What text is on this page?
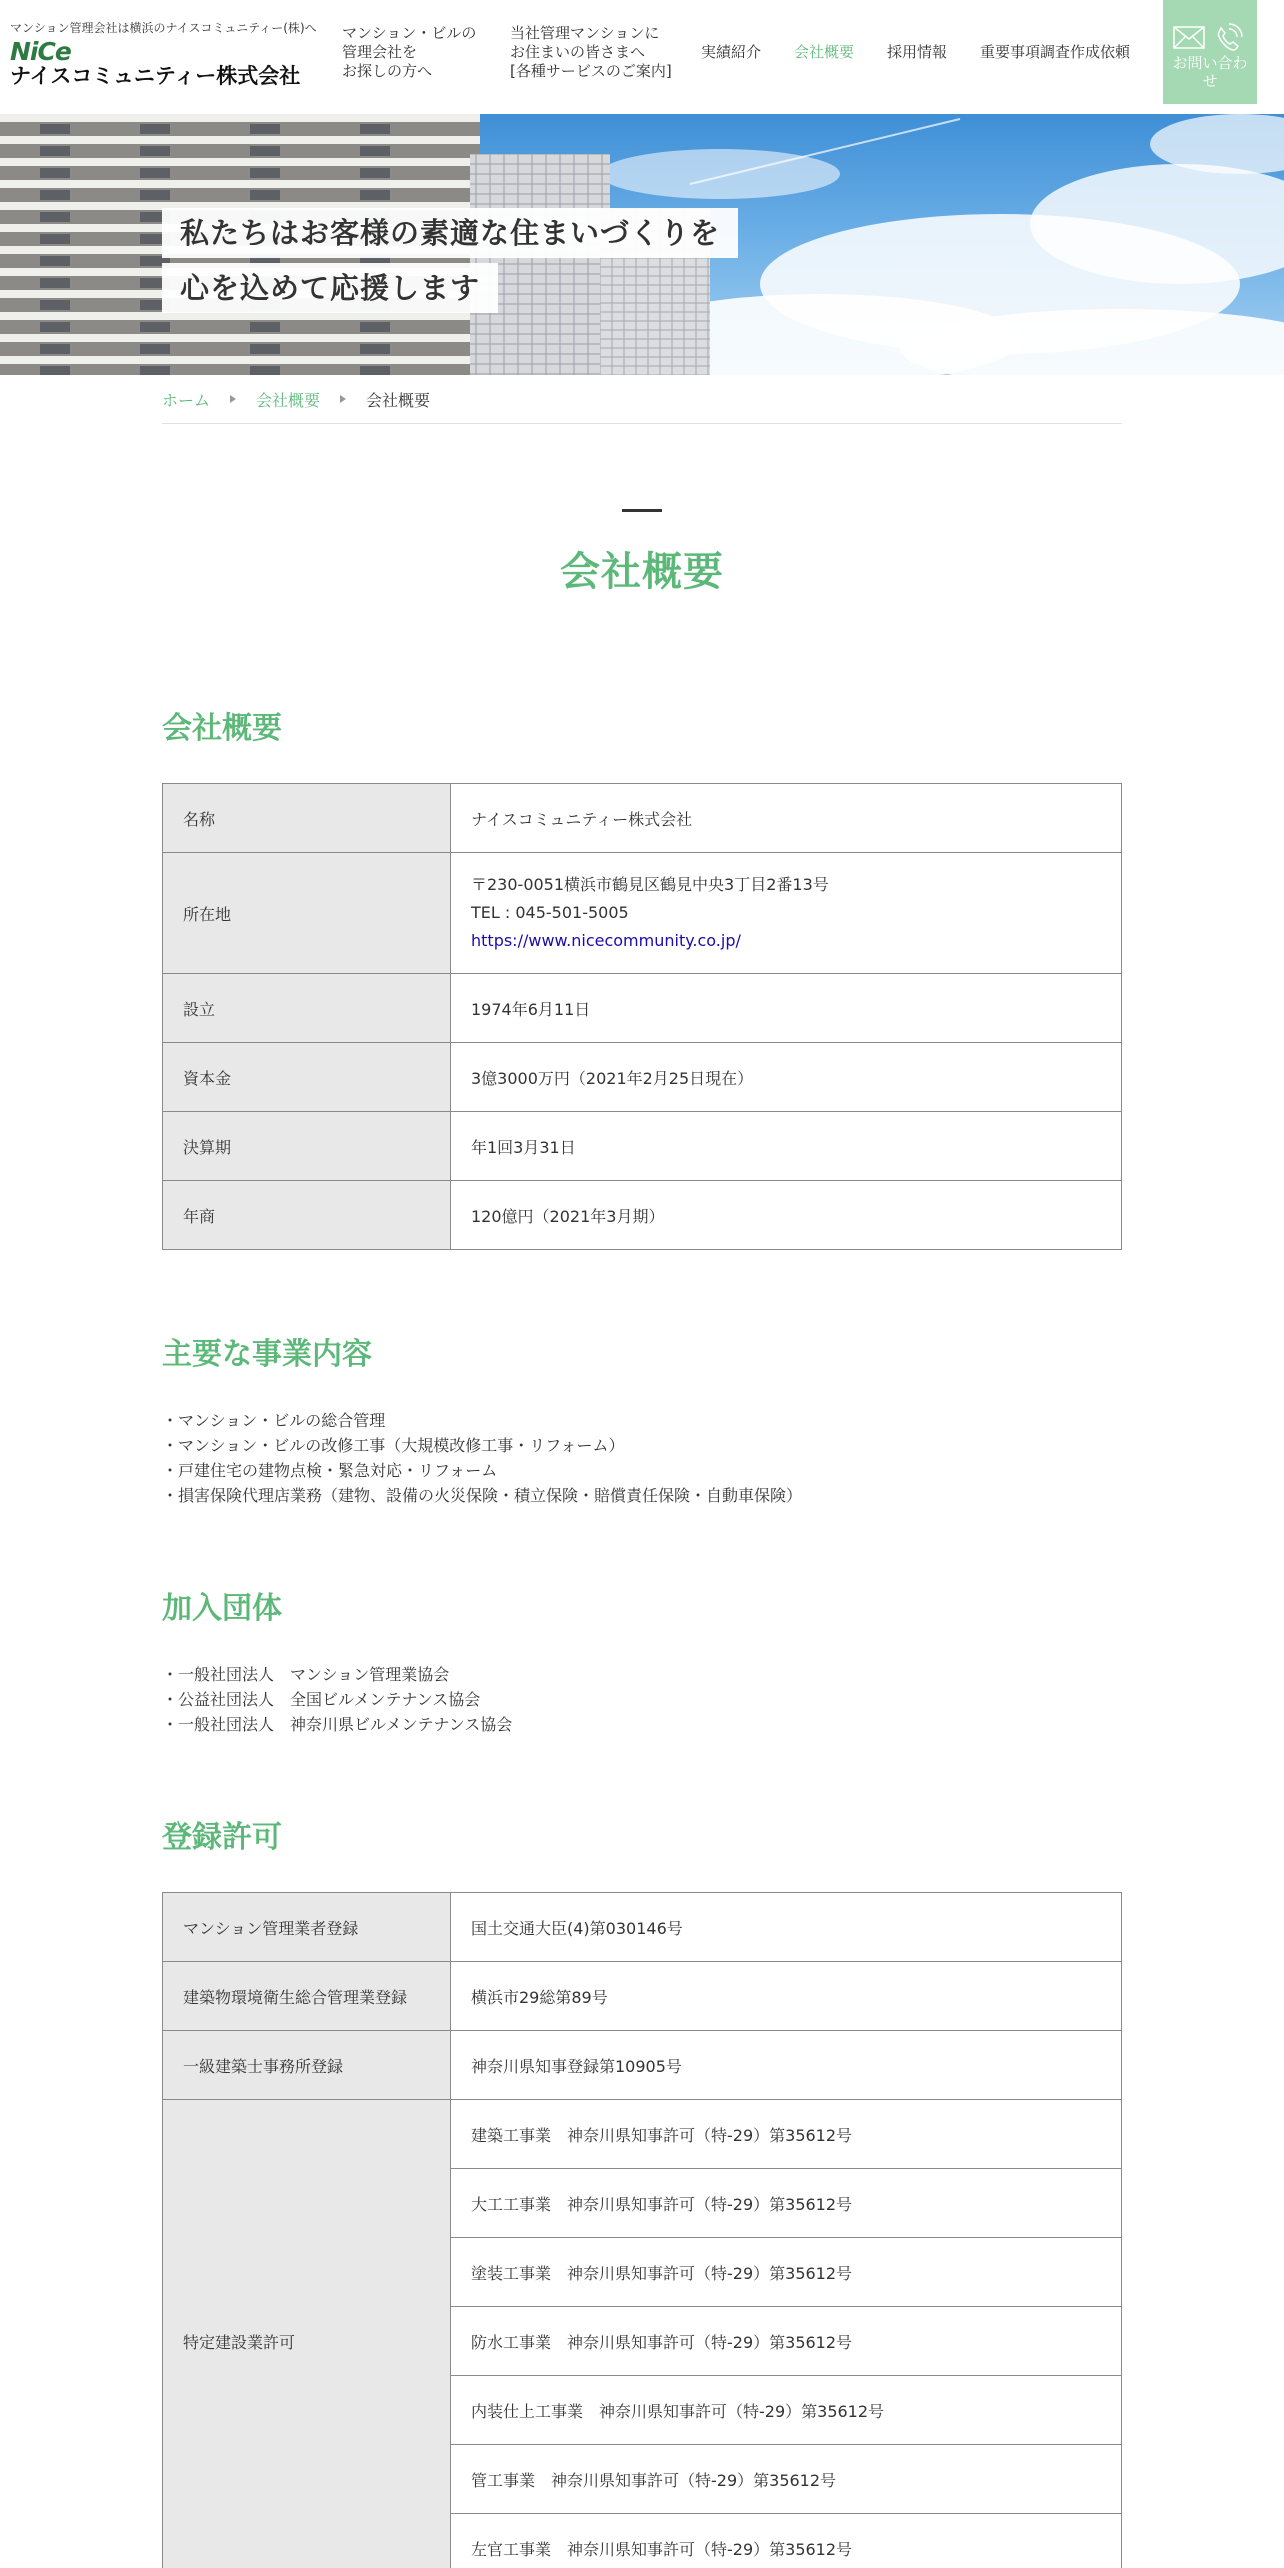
マンション管理会社は横浜のナイスコミュニティー(株)へ
NiCe
ナイスコミュニティー株式会社
マンション・ビルの
管理会社を
お探しの方へ
当社管理マンションに
お住まいの皆さまへ
[各種サービスのご案内]
実績紹介 会社概要 採用情報 重要事項調査作成依頼
お問い合わせ
私たちはお客様の素適な住まいづくりを
心を込めて応援します
ホーム	会社概要	会社概要
会社概要
会社概要
名称	ナイスコミュニティー株式会社
所在地	〒230-0051横浜市鶴見区鶴見中央3丁目2番13号
TEL : 045-501-5005
https://www.nicecommunity.co.jp/

設立	1974年6月11日
資本金	3億3000万円（2021年2月25日現在）
決算期	年1回3月31日
年商	120億円（2021年3月期）
主要な事業内容
・マンション・ビルの総合管理
・マンション・ビルの改修工事（大規模改修工事・リフォーム）
・戸建住宅の建物点検・緊急対応・リフォーム
・損害保険代理店業務（建物、設備の火災保険・積立保険・賠償責任保険・自動車保険）
加入団体
・一般社団法人　マンション管理業協会
・公益社団法人　全国ビルメンテナンス協会
・一般社団法人　神奈川県ビルメンテナンス協会
登録許可
マンション管理業者登録	国土交通大臣(4)第030146号
建築物環境衛生総合管理業登録	横浜市29総第89号
一級建築士事務所登録	神奈川県知事登録第10905号
特定建設業許可	建築工事業　神奈川県知事許可（特-29）第35612号
	大工工事業　神奈川県知事許可（特-29）第35612号
	塗装工事業　神奈川県知事許可（特-29）第35612号
	防水工事業　神奈川県知事許可（特-29）第35612号
	内装仕上工事業　神奈川県知事許可（特-29）第35612号
	管工事業　神奈川県知事許可（特-29）第35612号
	左官工事業　神奈川県知事許可（特-29）第35612号
